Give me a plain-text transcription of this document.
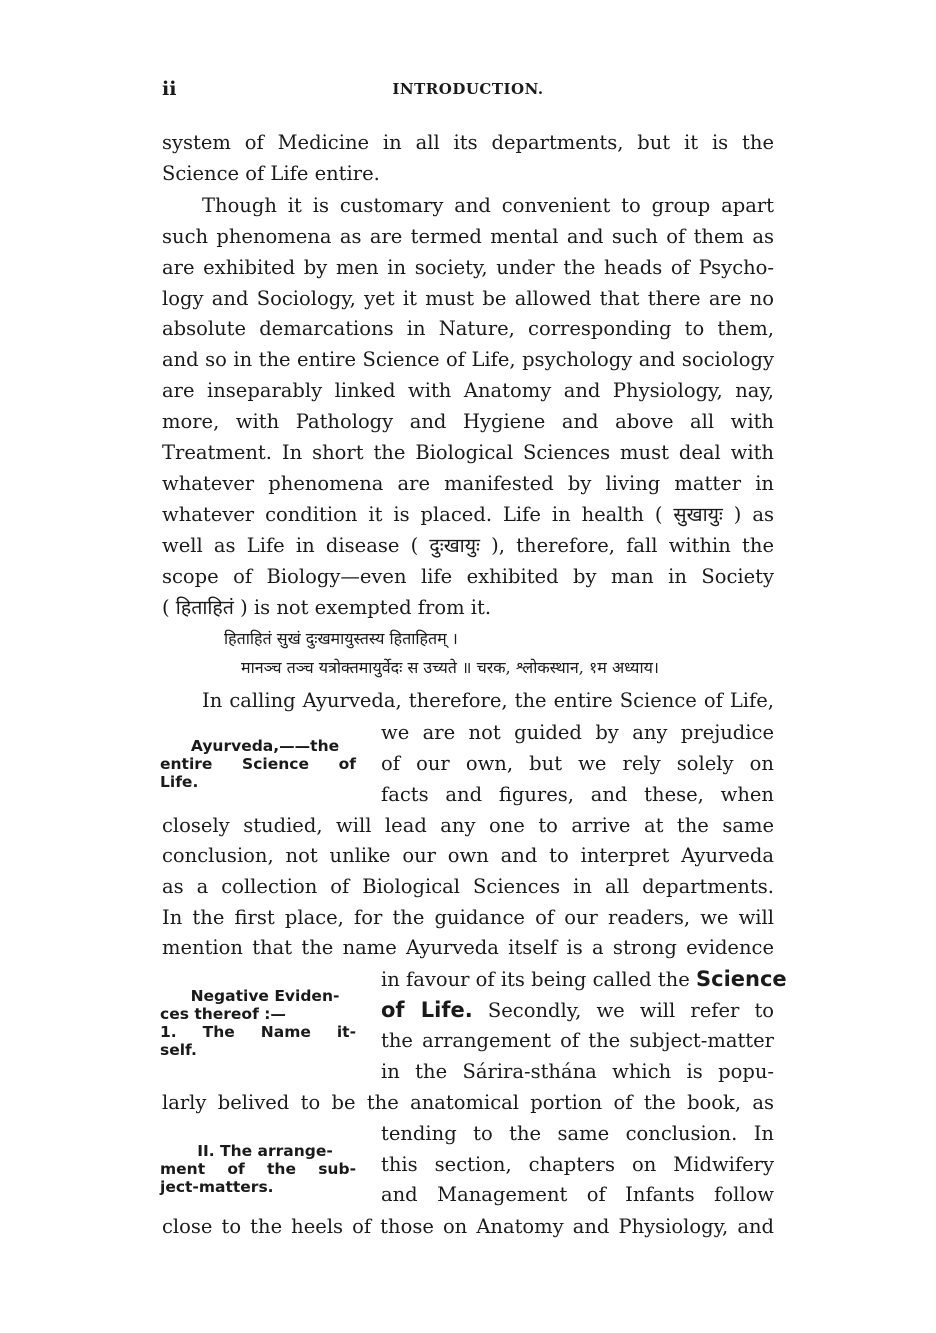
ii	INTRODUCTION.
system of Medicine in all its departments, but it is the
Science of Life entire.
Though it is customary and convenient to group apart
such phenomena as are termed mental and such of them as
are exhibited by men in society, under the heads of Psycho-
logy and Sociology, yet it must be allowed that there are no
absolute demarcations in Nature, corresponding to them,
and so in the entire Science of Life, psychology and sociology
are inseparably linked with Anatomy and Physiology, nay,
more, with Pathology and Hygiene and above all with
Treatment. In short the Biological Sciences must deal with
whatever phenomena are manifested by living matter in
whatever condition it is placed. Life in health ( सुखायुः ) as
well as Life in disease ( दुःखायुः ), therefore, fall within the
scope of Biology—even life exhibited by man in Society
( हिताहितं ) is not exempted from it.
हिताहितं सुखं दुःखमायुस्तस्य हिताहितम् ।
मानञ्च तञ्च यत्रोक्तमायुर्वेदः स उच्यते ॥ चरक, श्लोकस्थान, १म अध्याय।
In calling Ayurveda, therefore, the entire Science of Life,
Ayurveda,——the
entire Science of
Life.
we are not guided by any prejudice
of our own, but we rely solely on
facts and figures, and these, when
closely studied, will lead any one to arrive at the same
conclusion, not unlike our own and to interpret Ayurveda
as a collection of Biological Sciences in all departments.
In the first place, for the guidance of our readers, we will
mention that the name Ayurveda itself is a strong evidence
Negative Eviden-
ces thereof :—
1. The Name it-
self.
in favour of its being called the Science
of Life. Secondly, we will refer to
the arrangement of the subject-matter
in the Sárira-sthána which is popu-
larly belived to be the anatomical portion of the book, as
II. The arrange-
ment of the sub-
ject-matters.
tending to the same conclusion. In
this section, chapters on Midwifery
and Management of Infants follow
close to the heels of those on Anatomy and Physiology, and
